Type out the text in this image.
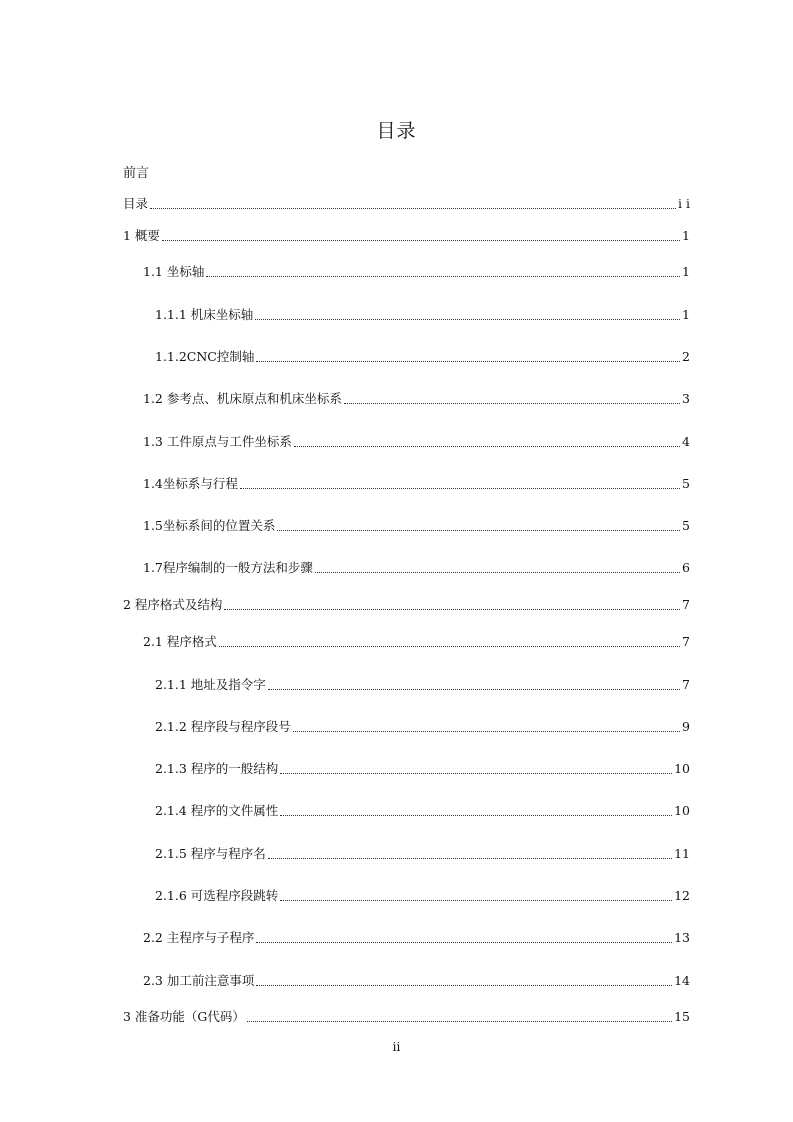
目录
前言
目录	i i
1 概要	1
1.1 坐标轴	1
1.1.1 机床坐标轴	1
1.1.2CNC控制轴	2
1.2 参考点、机床原点和机床坐标系	3
1.3 工件原点与工件坐标系	4
1.4坐标系与行程	5
1.5坐标系间的位置关系	5
1.7程序编制的一般方法和步骤	6
2 程序格式及结构	7
2.1 程序格式	7
2.1.1 地址及指令字	7
2.1.2 程序段与程序段号	9
2.1.3 程序的一般结构	10
2.1.4 程序的文件属性	10
2.1.5 程序与程序名	11
2.1.6 可选程序段跳转	12
2.2 主程序与子程序	13
2.3 加工前注意事项	14
3 准备功能（G代码）	15
ii
